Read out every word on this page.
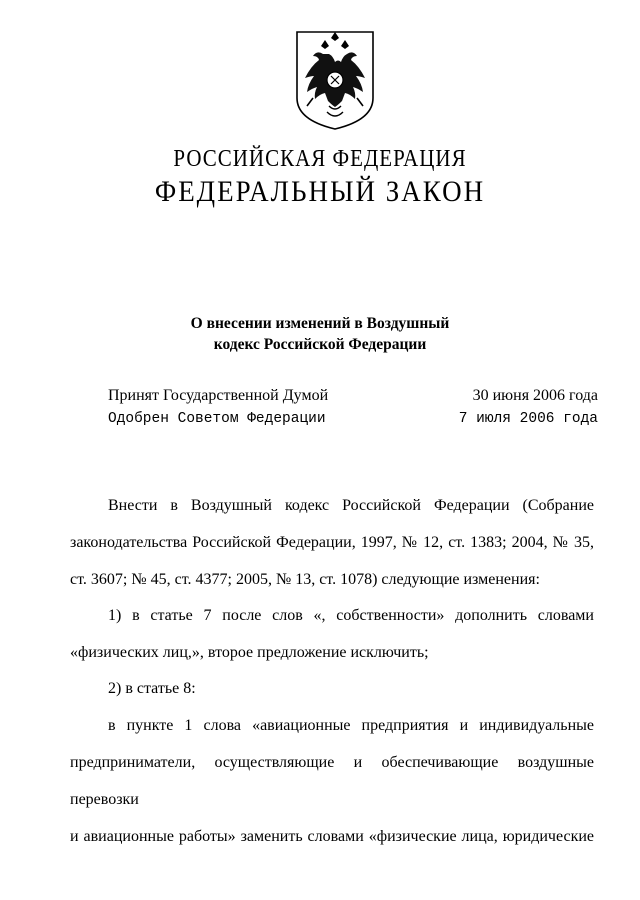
РОССИЙСКАЯ ФЕДЕРАЦИЯ
ФЕДЕРАЛЬНЫЙ ЗАКОН
О внесении изменений в Воздушный
кодекс Российской Федерации
Принят Государственной Думой	30 июня 2006 года
Одобрен Советом Федерации	7 июля 2006 года
Внести в Воздушный кодекс Российской Федерации (Собрание
законодательства Российской Федерации, 1997, № 12, ст. 1383; 2004, № 35,
ст. 3607; № 45, ст. 4377; 2005, № 13, ст. 1078) следующие изменения:
1) в статье 7 после слов «, собственности» дополнить словами
«физических лиц,», второе предложение исключить;
2) в статье 8:
в пункте 1 слова «авиационные предприятия и индивидуальные
предприниматели, осуществляющие и обеспечивающие воздушные перевозки
и авиационные работы» заменить словами «физические лица, юридические
